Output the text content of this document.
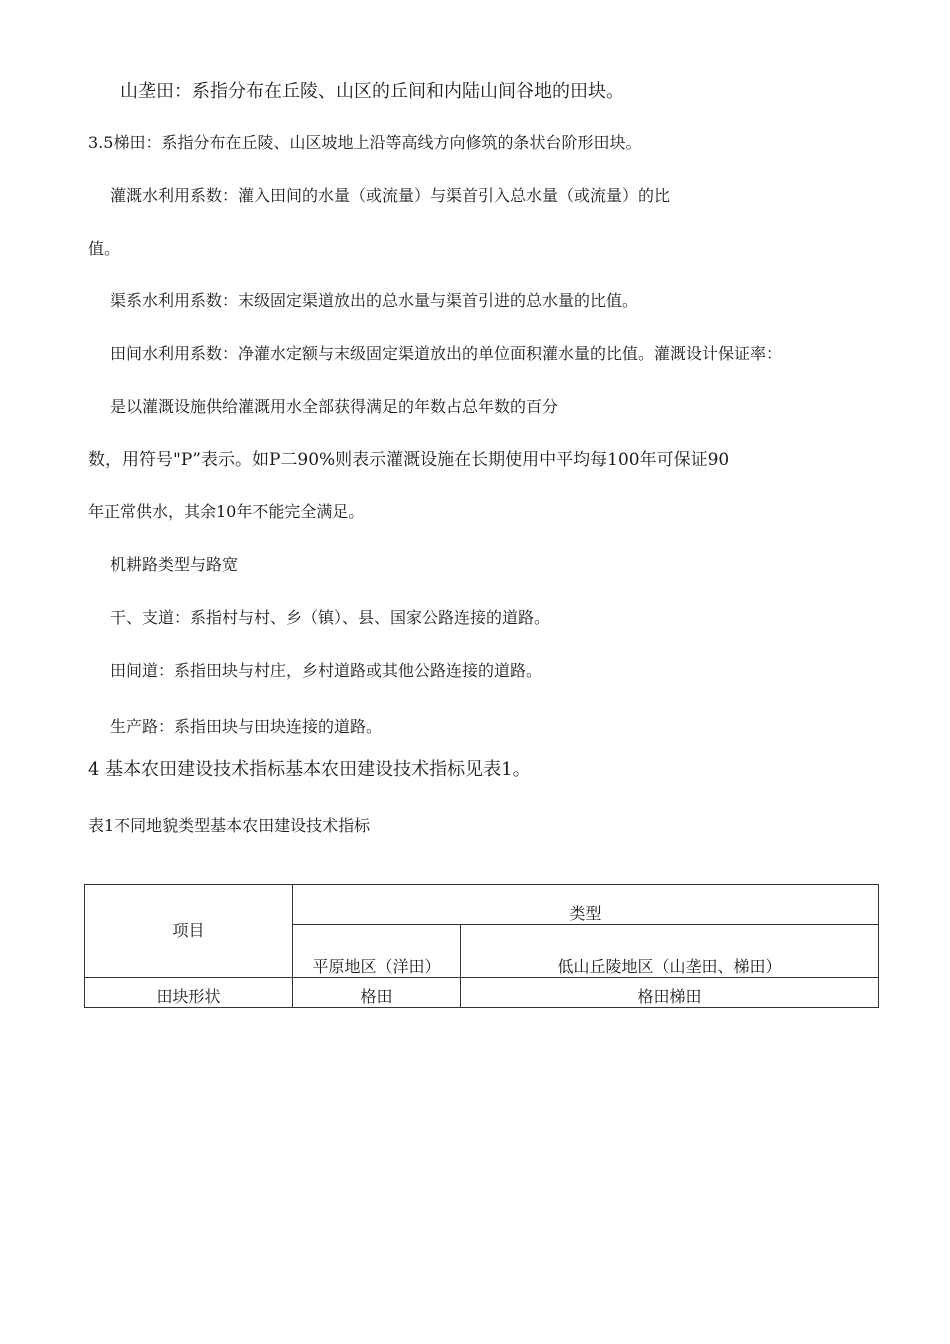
山垄田：系指分布在丘陵、山区的丘间和内陆山间谷地的田块。
3.5梯田：系指分布在丘陵、山区坡地上沿等高线方向修筑的条状台阶形田块。
灌溉水利用系数：灌入田间的水量（或流量）与渠首引入总水量（或流量）的比
值。
渠系水利用系数：末级固定渠道放出的总水量与渠首引进的总水量的比值。
田间水利用系数：净灌水定额与末级固定渠道放出的单位面积灌水量的比值。灌溉设计保证率：
是以灌溉设施供给灌溉用水全部获得满足的年数占总年数的百分
数，用符号"P”表示。如P二90%则表示灌溉设施在长期使用中平均每100年可保证90
年正常供水，其余10年不能完全满足。
机耕路类型与路宽
干、支道：系指村与村、乡（镇）、县、国家公路连接的道路。
田间道：系指田块与村庄，乡村道路或其他公路连接的道路。
生产路：系指田块与田块连接的道路。
4 基本农田建设技术指标基本农田建设技术指标见表1。
表1不同地貌类型基本农田建设技术指标
项目	类型	
	平原地区（洋田）	低山丘陵地区（山垄田、梯田）
田块形状	格田	格田梯田
